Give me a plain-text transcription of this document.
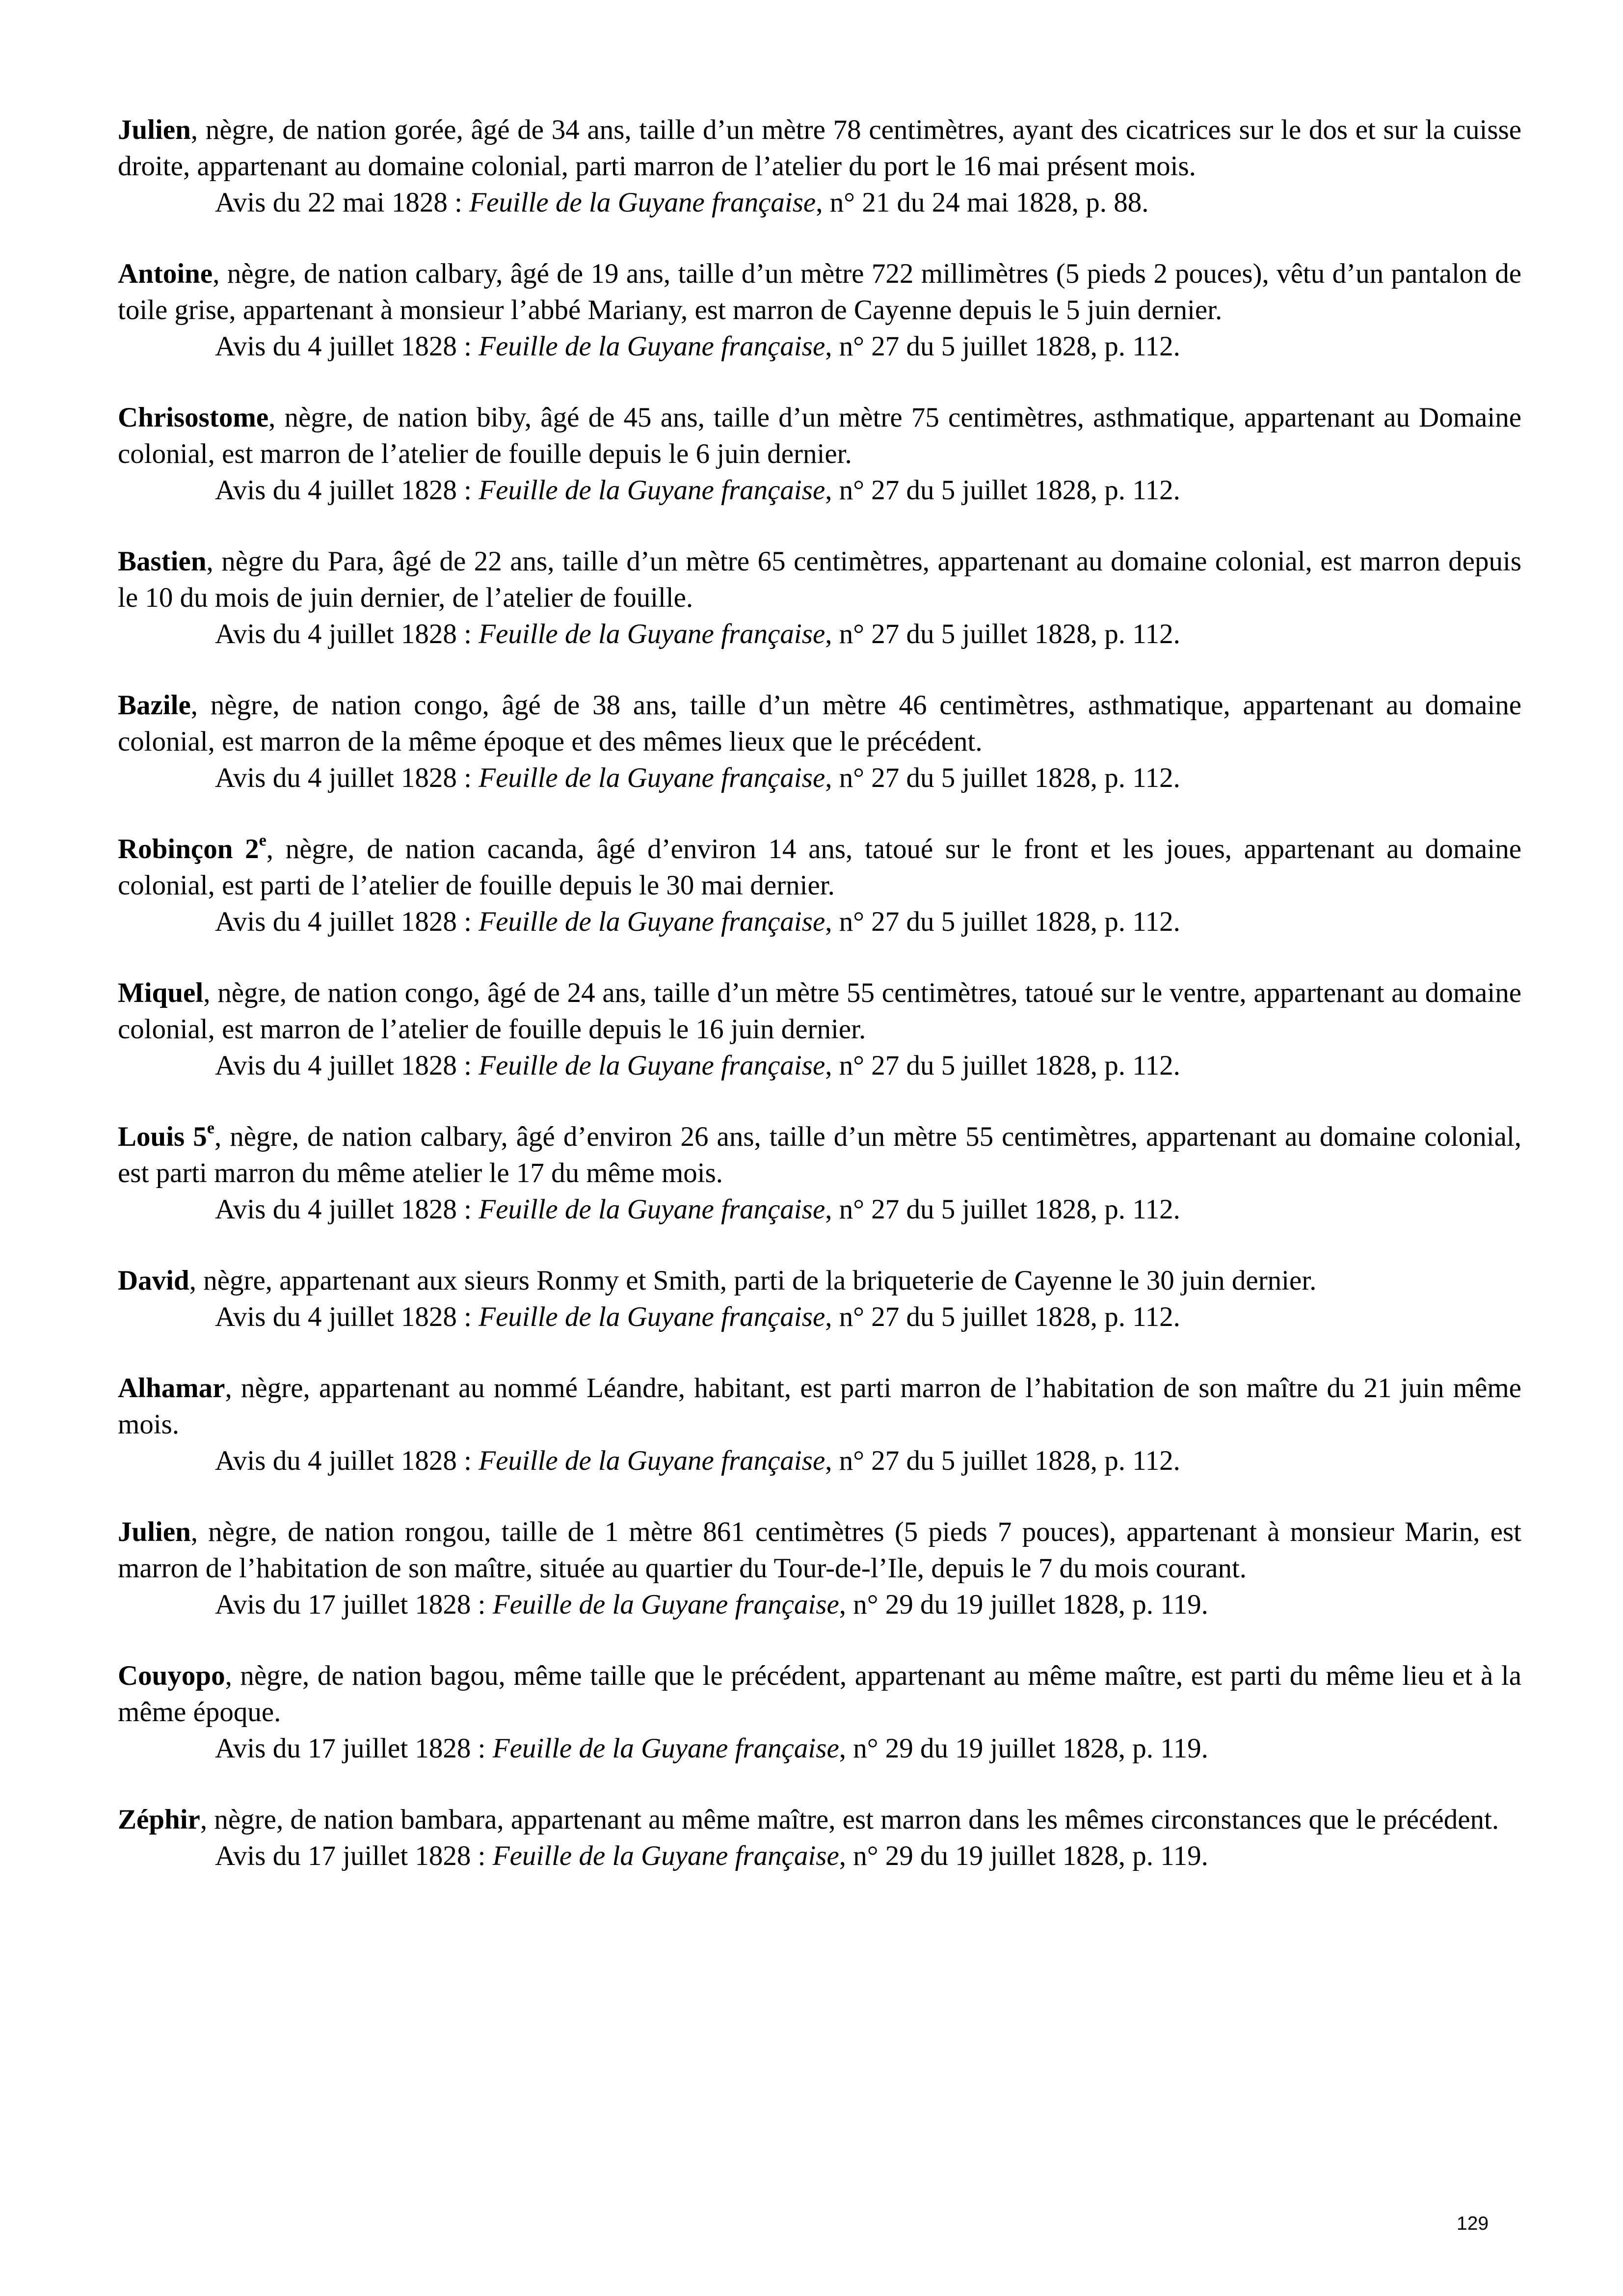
Julien, nègre, de nation gorée, âgé de 34 ans, taille d’un mètre 78 centimètres, ayant des cicatrices sur le dos et sur la cuisse droite, appartenant au domaine colonial, parti marron de l’atelier du port le 16 mai présent mois.

Avis du 22 mai 1828 : Feuille de la Guyane française, n° 21 du 24 mai 1828, p. 88.

Antoine, nègre, de nation calbary, âgé de 19 ans, taille d’un mètre 722 millimètres (5 pieds 2 pouces), vêtu d’un pantalon de toile grise, appartenant à monsieur l’abbé Mariany, est marron de Cayenne depuis le 5 juin dernier.

Avis du 4 juillet 1828 : Feuille de la Guyane française, n° 27 du 5 juillet 1828, p. 112.

Chrisostome, nègre, de nation biby, âgé de 45 ans, taille d’un mètre 75 centimètres, asthmatique, appartenant au Domaine colonial, est marron de l’atelier de fouille depuis le 6 juin dernier.

Avis du 4 juillet 1828 : Feuille de la Guyane française, n° 27 du 5 juillet 1828, p. 112.

Bastien, nègre du Para, âgé de 22 ans, taille d’un mètre 65 centimètres, appartenant au domaine colonial, est marron depuis le 10 du mois de juin dernier, de l’atelier de fouille.

Avis du 4 juillet 1828 : Feuille de la Guyane française, n° 27 du 5 juillet 1828, p. 112.

Bazile, nègre, de nation congo, âgé de 38 ans, taille d’un mètre 46 centimètres, asthmatique, appartenant au domaine colonial, est marron de la même époque et des mêmes lieux que le précédent.

Avis du 4 juillet 1828 : Feuille de la Guyane française, n° 27 du 5 juillet 1828, p. 112.

Robinçon 2e, nègre, de nation cacanda, âgé d’environ 14 ans, tatoué sur le front et les joues, appartenant au domaine colonial, est parti de l’atelier de fouille depuis le 30 mai dernier.

Avis du 4 juillet 1828 : Feuille de la Guyane française, n° 27 du 5 juillet 1828, p. 112.

Miquel, nègre, de nation congo, âgé de 24 ans, taille d’un mètre 55 centimètres, tatoué sur le ventre, appartenant au domaine colonial, est marron de l’atelier de fouille depuis le 16 juin dernier.

Avis du 4 juillet 1828 : Feuille de la Guyane française, n° 27 du 5 juillet 1828, p. 112.

Louis 5e, nègre, de nation calbary, âgé d’environ 26 ans, taille d’un mètre 55 centimètres, appartenant au domaine colonial, est parti marron du même atelier le 17 du même mois.

Avis du 4 juillet 1828 : Feuille de la Guyane française, n° 27 du 5 juillet 1828, p. 112.

David, nègre, appartenant aux sieurs Ronmy et Smith, parti de la briqueterie de Cayenne le 30 juin dernier.

Avis du 4 juillet 1828 : Feuille de la Guyane française, n° 27 du 5 juillet 1828, p. 112.

Alhamar, nègre, appartenant au nommé Léandre, habitant, est parti marron de l’habitation de son maître du 21 juin même mois.

Avis du 4 juillet 1828 : Feuille de la Guyane française, n° 27 du 5 juillet 1828, p. 112.

Julien, nègre, de nation rongou, taille de 1 mètre 861 centimètres (5 pieds 7 pouces), appartenant à monsieur Marin, est marron de l’habitation de son maître, située au quartier du Tour-de-l’Ile, depuis le 7 du mois courant.

Avis du 17 juillet 1828 : Feuille de la Guyane française, n° 29 du 19 juillet 1828, p. 119.

Couyopo, nègre, de nation bagou, même taille que le précédent, appartenant au même maître, est parti du même lieu et à la même époque.

Avis du 17 juillet 1828 : Feuille de la Guyane française, n° 29 du 19 juillet 1828, p. 119.

Zéphir, nègre, de nation bambara, appartenant au même maître, est marron dans les mêmes circonstances que le précédent.

Avis du 17 juillet 1828 : Feuille de la Guyane française, n° 29 du 19 juillet 1828, p. 119.

129
